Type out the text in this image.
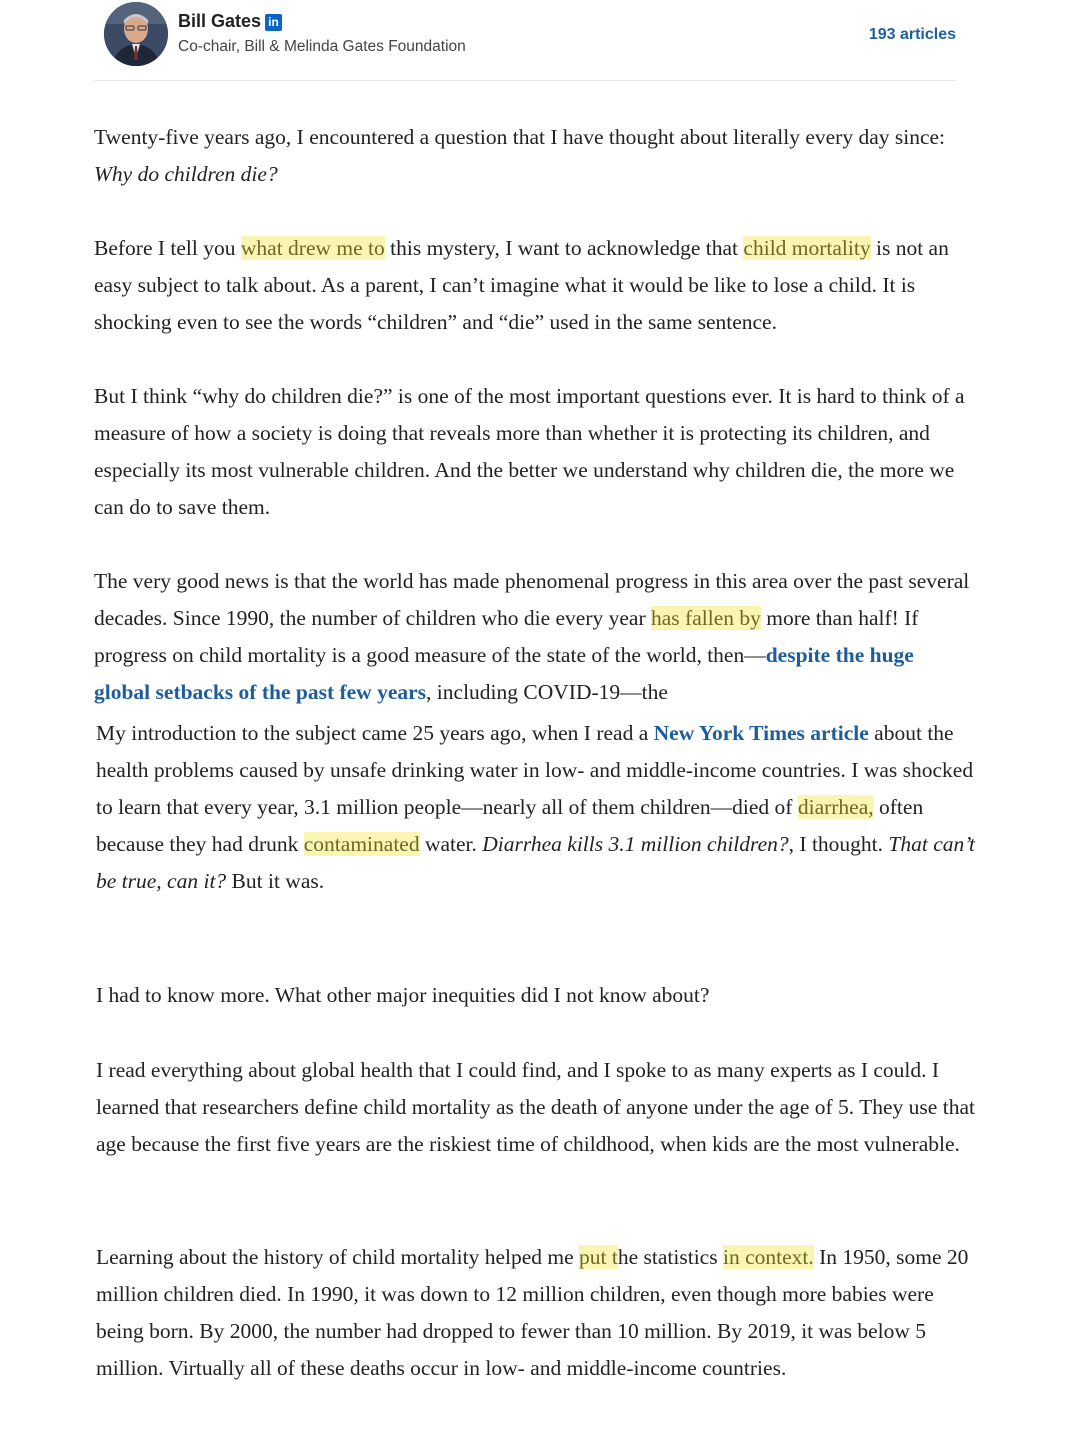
Bill Gates in
Co-chair, Bill & Melinda Gates Foundation
193 articles

Twenty-five years ago, I encountered a question that I have thought about literally every day since: Why do children die?

Before I tell you what drew me to this mystery, I want to acknowledge that child mortality is not an easy subject to talk about. As a parent, I can’t imagine what it would be like to lose a child. It is shocking even to see the words “children” and “die” used in the same sentence.

But I think “why do children die?” is one of the most important questions ever. It is hard to think of a measure of how a society is doing that reveals more than whether it is protecting its children, and especially its most vulnerable children. And the better we understand why children die, the more we can do to save them.

The very good news is that the world has made phenomenal progress in this area over the past several decades. Since 1990, the number of children who die every year has fallen by more than half! If progress on child mortality is a good measure of the state of the world, then—despite the huge global setbacks of the past few years, including COVID-19—the

My introduction to the subject came 25 years ago, when I read a New York Times article about the health problems caused by unsafe drinking water in low- and middle-income countries. I was shocked to learn that every year, 3.1 million people—nearly all of them children—died of diarrhea, often because they had drunk contaminated water. Diarrhea kills 3.1 million children?, I thought. That can’t be true, can it? But it was.

I had to know more. What other major inequities did I not know about?

I read everything about global health that I could find, and I spoke to as many experts as I could. I learned that researchers define child mortality as the death of anyone under the age of 5. They use that age because the first five years are the riskiest time of childhood, when kids are the most vulnerable.

Learning about the history of child mortality helped me put the statistics in context. In 1950, some 20 million children died. In 1990, it was down to 12 million children, even though more babies were being born. By 2000, the number had dropped to fewer than 10 million. By 2019, it was below 5 million. Virtually all of these deaths occur in low- and middle-income countries.
